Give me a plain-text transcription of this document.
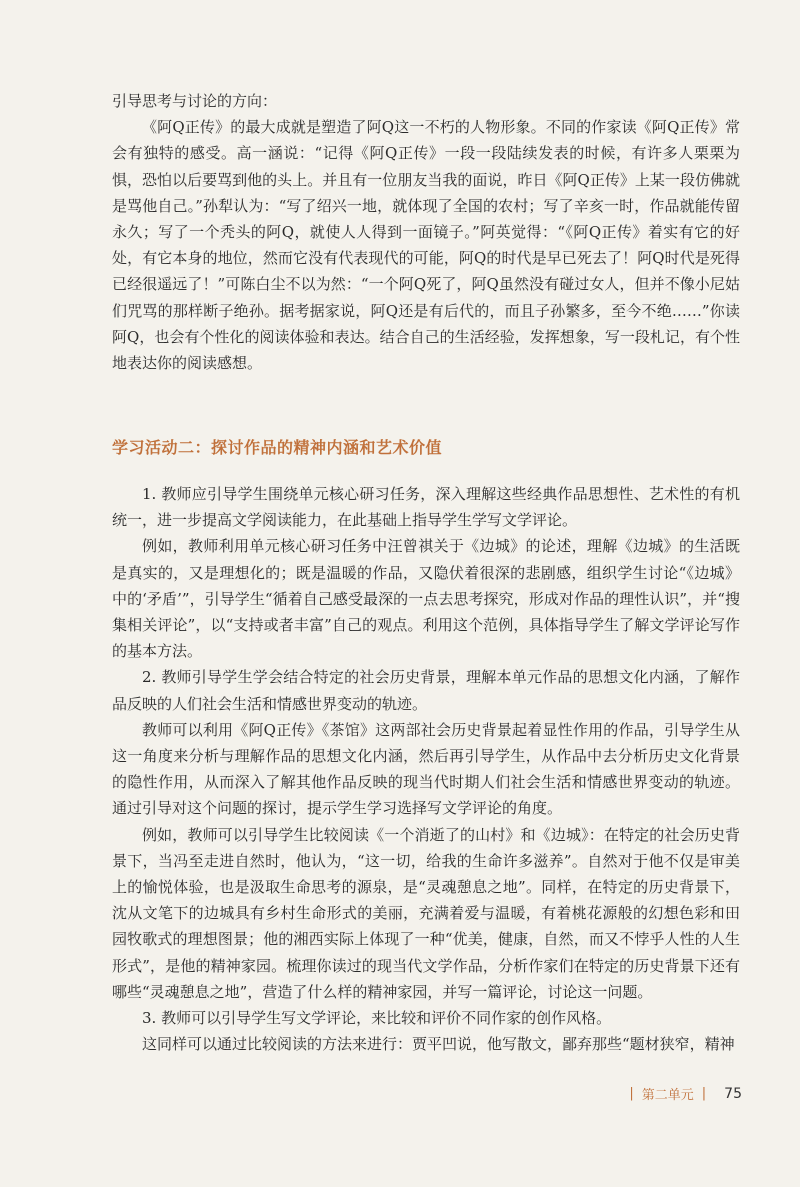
引导思考与讨论的方向：

《阿Q正传》的最大成就是塑造了阿Q这一不朽的人物形象。不同的作家读《阿Q正传》常会有独特的感受。高一涵说：“记得《阿Q正传》一段一段陆续发表的时候，有许多人栗栗为惧，恐怕以后要骂到他的头上。并且有一位朋友当我的面说，昨日《阿Q正传》上某一段仿佛就是骂他自己。”孙犁认为：“写了绍兴一地，就体现了全国的农村；写了辛亥一时，作品就能传留永久；写了一个秃头的阿Q，就使人人得到一面镜子。”阿英觉得：“《阿Q正传》着实有它的好处，有它本身的地位，然而它没有代表现代的可能，阿Q的时代是早已死去了！阿Q时代是死得已经很遥远了！”可陈白尘不以为然：“一个阿Q死了，阿Q虽然没有碰过女人，但并不像小尼姑们咒骂的那样断子绝孙。据考据家说，阿Q还是有后代的，而且子孙繁多，至今不绝……”你读阿Q，也会有个性化的阅读体验和表达。结合自己的生活经验，发挥想象，写一段札记，有个性地表达你的阅读感想。

学习活动二：探讨作品的精神内涵和艺术价值

1. 教师应引导学生围绕单元核心研习任务，深入理解这些经典作品思想性、艺术性的有机统一，进一步提高文学阅读能力，在此基础上指导学生学写文学评论。

例如，教师利用单元核心研习任务中汪曾祺关于《边城》的论述，理解《边城》的生活既是真实的，又是理想化的；既是温暖的作品，又隐伏着很深的悲剧感，组织学生讨论“《边城》中的‘矛盾’”，引导学生“循着自己感受最深的一点去思考探究，形成对作品的理性认识”，并“搜集相关评论”，以“支持或者丰富”自己的观点。利用这个范例，具体指导学生了解文学评论写作的基本方法。

2. 教师引导学生学会结合特定的社会历史背景，理解本单元作品的思想文化内涵，了解作品反映的人们社会生活和情感世界变动的轨迹。

教师可以利用《阿Q正传》《茶馆》这两部社会历史背景起着显性作用的作品，引导学生从这一角度来分析与理解作品的思想文化内涵，然后再引导学生，从作品中去分析历史文化背景的隐性作用，从而深入了解其他作品反映的现当代时期人们社会生活和情感世界变动的轨迹。通过引导对这个问题的探讨，提示学生学习选择写文学评论的角度。

例如，教师可以引导学生比较阅读《一个消逝了的山村》和《边城》：在特定的社会历史背景下，当冯至走进自然时，他认为，“这一切，给我的生命许多滋养”。自然对于他不仅是审美上的愉悦体验，也是汲取生命思考的源泉，是“灵魂憩息之地”。同样，在特定的历史背景下，沈从文笔下的边城具有乡村生命形式的美丽，充满着爱与温暖，有着桃花源般的幻想色彩和田园牧歌式的理想图景；他的湘西实际上体现了一种“优美，健康，自然，而又不悖乎人性的人生形式”，是他的精神家园。梳理你读过的现当代文学作品，分析作家们在特定的历史背景下还有哪些“灵魂憩息之地”，营造了什么样的精神家园，并写一篇评论，讨论这一问题。

3. 教师可以引导学生写文学评论，来比较和评价不同作家的创作风格。

这同样可以通过比较阅读的方法来进行：贾平凹说，他写散文，鄙弃那些“题材狭窄，精神

| 第二单元 | 75
